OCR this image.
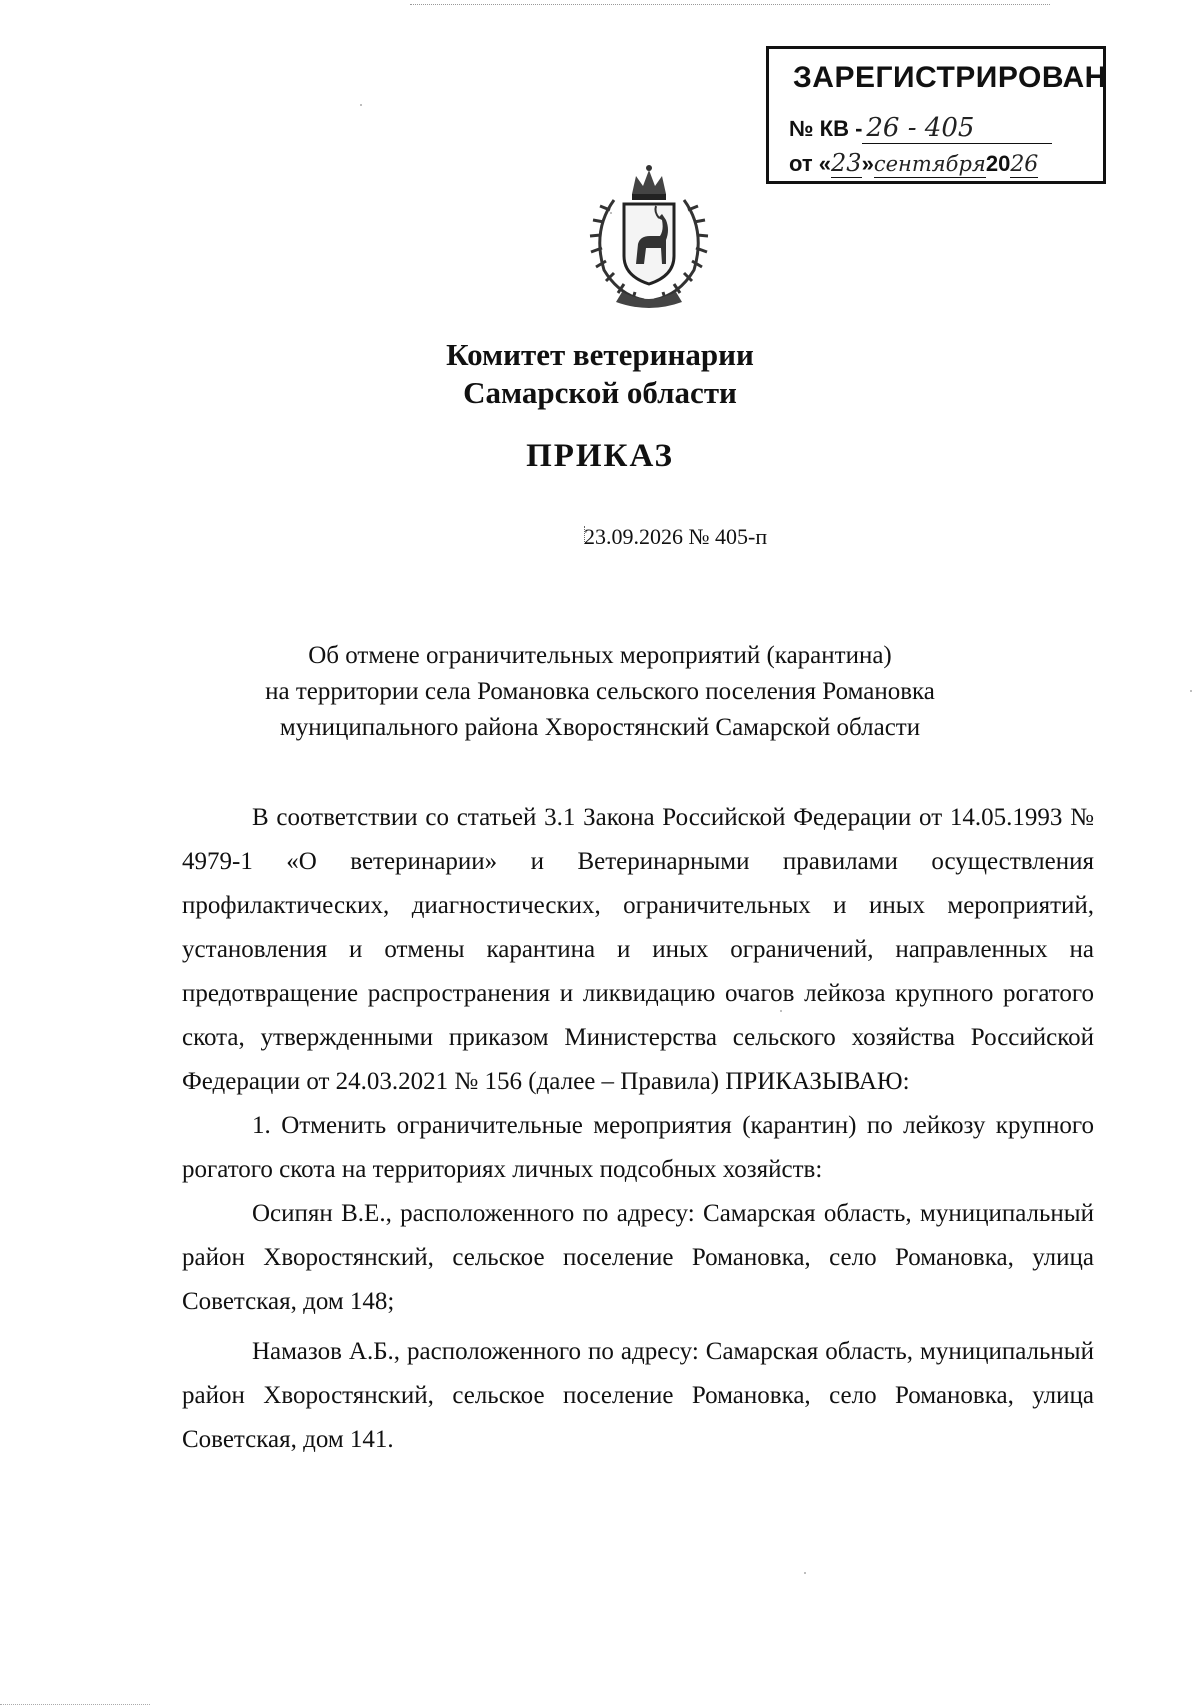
ЗАРЕГИСТРИРОВАН
№ КВ - 26 - 405
от «23»сентября2026
Комитет ветеринарии
Самарской области
ПРИКАЗ
23.09.2026 № 405-п
Об отмене ограничительных мероприятий (карантина)
на территории села Романовка сельского поселения Романовка
муниципального района Хворостянский Самарской области

В соответствии со статьей 3.1 Закона Российской Федерации от 14.05.1993 № 4979-1 «О ветеринарии» и Ветеринарными правилами осуществления профилактических, диагностических, ограничительных и иных мероприятий, установления и отмены карантина и иных ограничений, направленных на предотвращение распространения и ликвидацию очагов лейкоза крупного рогатого скота, утвержденными приказом Министерства сельского хозяйства Российской Федерации от 24.03.2021 № 156 (далее – Правила) ПРИКАЗЫВАЮ:

1. Отменить ограничительные мероприятия (карантин) по лейкозу крупного рогатого скота на территориях личных подсобных хозяйств:

Осипян В.Е., расположенного по адресу: Самарская область, муниципальный район Хворостянский, сельское поселение Романовка, село Романовка, улица Советская, дом 148;

Намазов А.Б., расположенного по адресу: Самарская область, муниципальный район Хворостянский, сельское поселение Романовка, село Романовка, улица Советская, дом 141.
